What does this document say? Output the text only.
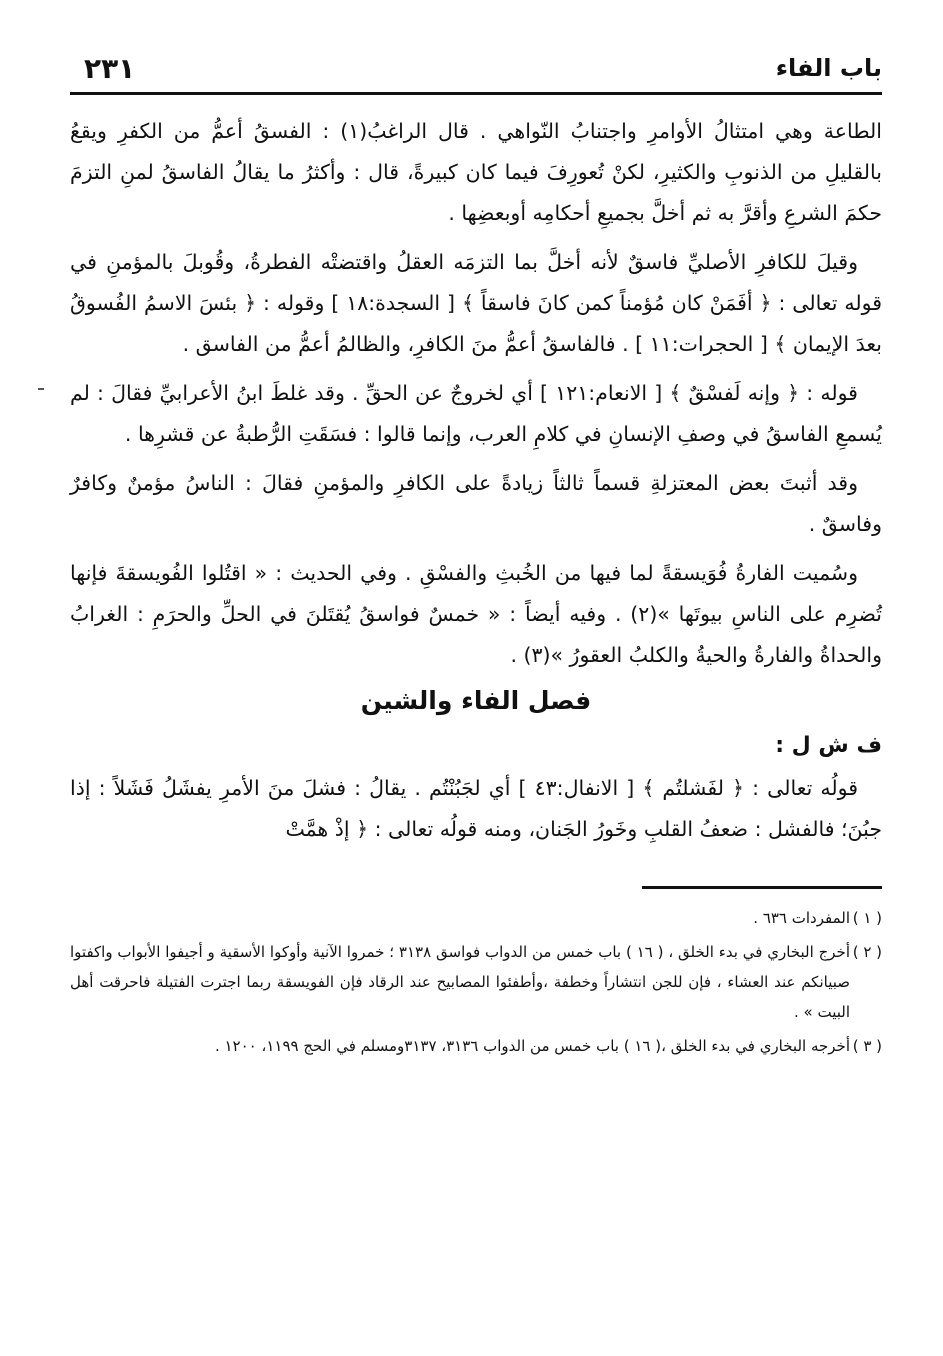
باب الفاء

٢٣١

الطاعة وهي امتثالُ الأوامرِ واجتنابُ النّواهي . قال الراغبُ(١) : الفسقُ أعمُّ من الكفرِ ويقعُ بالقليلِ من الذنوبِ والكثيرِ، لكنْ تُعورِفَ فيما كان كبيرةً، قال : وأكثرُ ما يقالُ الفاسقُ لمنِ التزمَ حكمَ الشرعِ وأقرَّ به ثم أخلَّ بجميعِ أحكامِه أوبعضِها .

وقيلَ للكافرِ الأصليِّ فاسقٌ لأنه أخلَّ بما التزمَه العقلُ واقتضتْه الفطرةُ، وقُوبلَ بالمؤمنِ في قوله تعالى : ﴿ أفَمَنْ كان مُؤمناً كمن كانَ فاسقاً ﴾ [ السجدة:١٨ ] وقوله : ﴿ بئسَ الاسمُ الفُسوقُ بعدَ الإيمان ﴾ [ الحجرات:١١ ] . فالفاسقُ أعمُّ منَ الكافرِ، والظالمُ أعمُّ من الفاسق .

قوله : ﴿ وإنه لَفسْقٌ ﴾ [ الانعام:١٢١ ] أي لخروجٌ عن الحقِّ . وقد غلطَ ابنُ الأعرابيِّ فقالَ : لم يُسمعِ الفاسقُ في وصفِ الإنسانِ في كلامِ العرب، وإنما قالوا : فسَقَتِ الرُّطبةُ عن قشرِها .

وقد أثبتَ بعض المعتزلةِ قسماً ثالثاً زيادةً على الكافرِ والمؤمنِ فقالَ : الناسُ مؤمنٌ وكافرٌ وفاسقٌ .

وسُميت الفارةُ فُوَيسقةً لما فيها من الخُبثِ والفسْقِ . وفي الحديث : « اقتُلوا الفُويسقةَ فإنها تُضرِم على الناسِ بيوتَها »(٢) . وفيه أيضاً : « خمسٌ فواسقُ يُقتَلنَ في الحلِّ والحرَمِ : الغرابُ والحداةُ والفارةُ والحيةُ والكلبُ العقورُ »(٣) .

فصل الفاء والشين
ف ش ل :

قولُه تعالى : ﴿ لفَشلتُم ﴾ [ الانفال:٤٣ ] أي لجَبُنْتُم . يقالُ : فشلَ منَ الأمرِ يفشَلُ فَشَلاً : إذا جبُنَ؛ فالفشل : ضعفُ القلبِ وخَورُ الجَنان، ومنه قولُه تعالى : ﴿ إذْ همَّتْ

( ١ )
المفردات ٦٣٦ .
( ٢ )
أخرج البخاري في بدء الخلق ، ( ١٦ ) باب خمس من الدواب فواسق ٣١٣٨ ؛ خمروا الآنية وأوكوا الأسقية و أجيفوا الأبواب واكفتوا صبيانكم عند العشاء ، فإن للجن انتشاراً وخطفة ،وأطفئوا المصابيح عند الرقاد فإن الفويسقة ربما اجترت الفتيلة فاحرقت أهل البيت » .
( ٣ )
أخرجه البخاري في بدء الخلق ،( ١٦ ) باب خمس من الدواب ٣١٣٦، ٣١٣٧ومسلم في الحج ١١٩٩، ١٢٠٠ .
